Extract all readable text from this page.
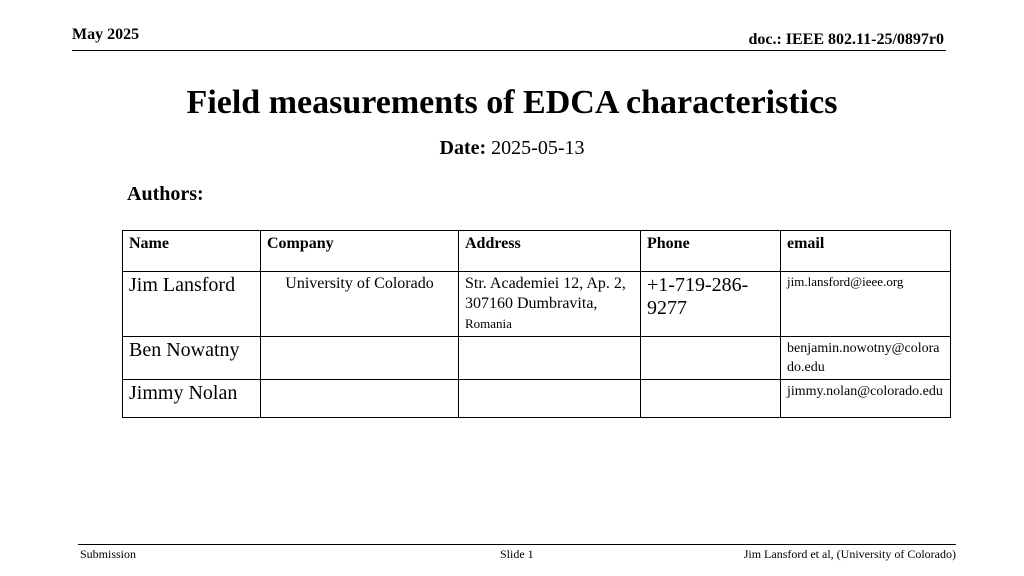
May 2025	doc.: IEEE 802.11-25/0897r0
Field measurements of EDCA characteristics
Date: 2025-05-13
Authors:
Name	Company	Address	Phone	email
Jim Lansford	University of Colorado	Str. Academiei 12, Ap. 2, 307160 Dumbravita, Romania	+1-719-286-9277	jim.lansford@ieee.org
Ben Nowatny				benjamin.nowotny@colorado.edu
Jimmy Nolan				jimmy.nolan@colorado.edu
Submission	Slide 1	Jim Lansford et al, (University of Colorado)
